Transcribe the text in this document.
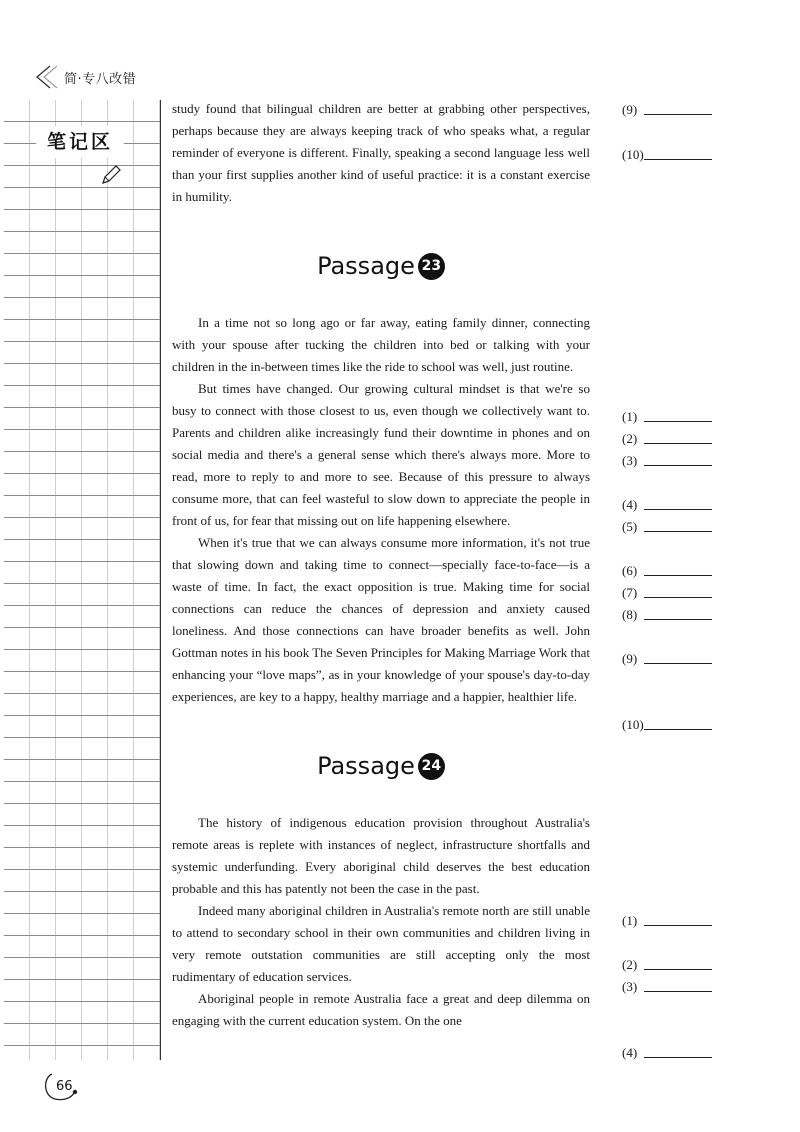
简·专八改错
笔记区

study found that bilingual children are better at grabbing other perspectives, perhaps because they are always keeping track of who speaks what, a regular reminder of everyone is different. Finally, speaking a second language less well than your first supplies another kind of useful practice: it is a constant exercise in humility.

Passage 23

In a time not so long ago or far away, eating family dinner, connecting with your spouse after tucking the children into bed or talking with your children in the in-between times like the ride to school was well, just routine.

But times have changed. Our growing cultural mindset is that we're so busy to connect with those closest to us, even though we collectively want to. Parents and children alike increasingly fund their downtime in phones and on social media and there's a general sense which there's always more. More to read, more to reply to and more to see. Because of this pressure to always consume more, that can feel wasteful to slow down to appreciate the people in front of us, for fear that missing out on life happening elsewhere.

When it's true that we can always consume more information, it's not true that slowing down and taking time to connect—specially face-to-face—is a waste of time. In fact, the exact opposition is true. Making time for social connections can reduce the chances of depression and anxiety caused loneliness. And those connections can have broader benefits as well. John Gottman notes in his book The Seven Principles for Making Marriage Work that enhancing your “love maps”, as in your knowledge of your spouse's day-to-day experiences, are key to a happy, healthy marriage and a happier, healthier life.

Passage 24

The history of indigenous education provision throughout Australia's remote areas is replete with instances of neglect, infrastructure shortfalls and systemic underfunding. Every aboriginal child deserves the best education probable and this has patently not been the case in the past.

Indeed many aboriginal children in Australia's remote north are still unable to attend to secondary school in their own communities and children living in very remote outstation communities are still accepting only the most rudimentary of education services.

Aboriginal people in remote Australia face a great and deep dilemma on engaging with the current education system. On the one

(9)
(10)
(1)
(2)
(3)
(4)
(5)
(6)
(7)
(8)
(9)
(10)
(1)
(2)
(3)
(4)
66
